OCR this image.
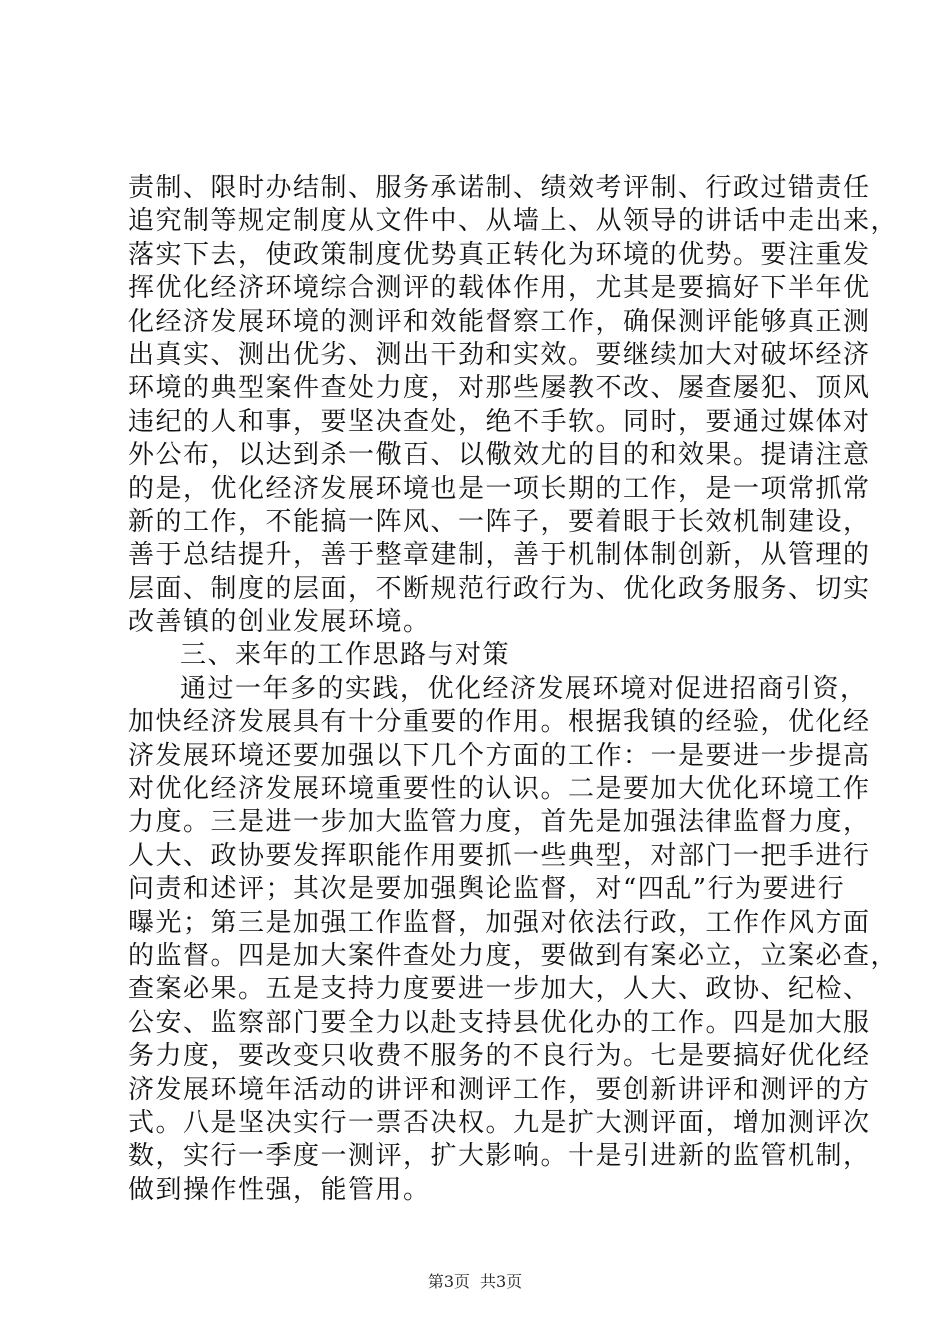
责制、限时办结制、服务承诺制、绩效考评制、行政过错责任
追究制等规定制度从文件中、从墙上、从领导的讲话中走出来，
落实下去，使政策制度优势真正转化为环境的优势。要注重发
挥优化经济环境综合测评的载体作用，尤其是要搞好下半年优
化经济发展环境的测评和效能督察工作，确保测评能够真正测
出真实、测出优劣、测出干劲和实效。要继续加大对破坏经济
环境的典型案件查处力度，对那些屡教不改、屡查屡犯、顶风
违纪的人和事，要坚决查处，绝不手软。同时，要通过媒体对
外公布，以达到杀一儆百、以儆效尤的目的和效果。提请注意
的是，优化经济发展环境也是一项长期的工作，是一项常抓常
新的工作，不能搞一阵风、一阵子，要着眼于长效机制建设，
善于总结提升，善于整章建制，善于机制体制创新，从管理的
层面、制度的层面，不断规范行政行为、优化政务服务、切实
改善镇的创业发展环境。
三、来年的工作思路与对策
通过一年多的实践，优化经济发展环境对促进招商引资，
加快经济发展具有十分重要的作用。根据我镇的经验，优化经
济发展环境还要加强以下几个方面的工作：一是要进一步提高
对优化经济发展环境重要性的认识。二是要加大优化环境工作
力度。三是进一步加大监管力度，首先是加强法律监督力度，
人大、政协要发挥职能作用要抓一些典型，对部门一把手进行
问责和述评；其次是要加强舆论监督，对“四乱”行为要进行
曝光；第三是加强工作监督，加强对依法行政，工作作风方面
的监督。四是加大案件查处力度，要做到有案必立，立案必查，
查案必果。五是支持力度要进一步加大，人大、政协、纪检、
公安、监察部门要全力以赴支持县优化办的工作。四是加大服
务力度，要改变只收费不服务的不良行为。七是要搞好优化经
济发展环境年活动的讲评和测评工作，要创新讲评和测评的方
式。八是坚决实行一票否决权。九是扩大测评面，增加测评次
数，实行一季度一测评，扩大影响。十是引进新的监管机制，
做到操作性强，能管用。
第3页 共3页
